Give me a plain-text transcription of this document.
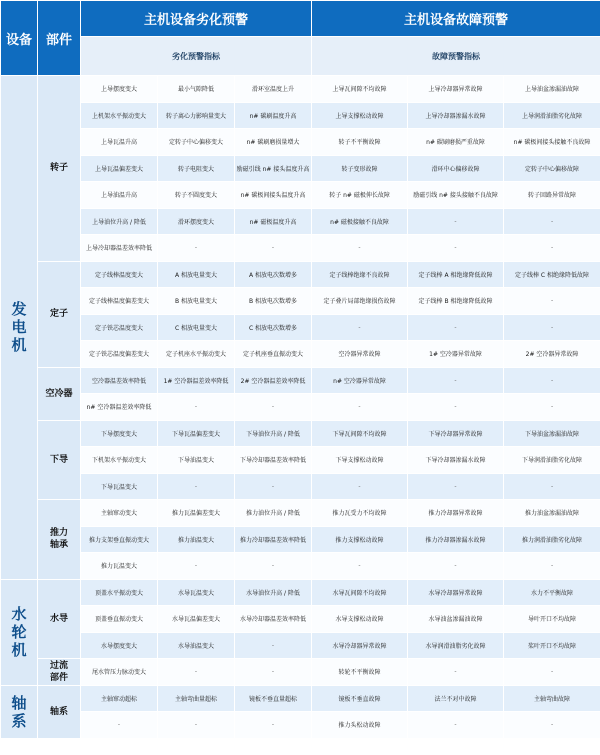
设备	部件	主机设备劣化预警			主机设备故障预警		
		劣化预警指标			故障预警指标		
发
电
机	转子	上导摆度变大	最小气隙降低	滑环室温度上升	上导瓦间隙不均故障	上导冷却器异常故障	上导油盆渗漏油故障
		上机架水平振动变大	转子离心力影响量变大	n# 碳刷温度升高	上导支撑松动故障	上导冷却器渗漏水故障	上导润滑油脂劣化故障
		上导瓦温升高	定转子中心偏移变大	n# 碳刷磨损量增大	转子不平衡故障	n# 碳刷磨损严重故障	n# 碳极间接头接触不良故障
		上导瓦温偏差变大	转子电阻变大	励磁引线 n# 接头温度升高	转子变形故障	滑环中心偏移故障	定转子中心偏移故障
		上导油温升高	转子不圆度变大	n# 碳极间接头温度升高	转子 n# 磁极伸长故障	励磁引线 n# 接头接触不良故障	转子回路异常故障
		上导油位升高 / 降低	滑环摆度变大	n# 磁极温度升高	n# 磁极接触不良故障	-	-
		上导冷却器温差效率降低	-	-	-	-	-
	定子	定子线棒温度变大	A 相放电量变大	A 相放电次数增多	定子线棒绝缘不良故障	定子线棒 A 相绝缘降低故障	定子线棒 C 相绝缘降低故障
		定子线棒温度偏差变大	B 相放电量变大	B 相放电次数增多	定子叠片局部绝缘损伤故障	定子线棒 B 相绝缘降低故障	-
		定子铁芯温度变大	C 相放电量变大	C 相放电次数增多	-	-	-
		定子铁芯温度偏差变大	定子机座水平振动变大	定子机座垂直振动变大	空冷器异常故障	1# 空冷器异常故障	2# 空冷器异常故障
	空冷器	空冷器温差效率降低	1# 空冷器温差效率降低	2# 空冷器温差效率降低	n# 空冷器异常故障	-	-
		n# 空冷器温差效率降低	-	-	-	-	-
	下导	下导摆度变大	下导瓦温偏差变大	下导油位升高 / 降低	下导瓦间隙不均故障	下导冷却器异常故障	下导油盆渗漏油故障
		下机架水平振动变大	下导油温变大	下导冷却器温差效率降低	下导支撑松动故障	下导冷却器渗漏水故障	下导润滑油脂劣化故障
		下导瓦温变大	-	-	-	-	-
	推力
轴承	主轴窜动变大	推力瓦温偏差变大	推力油位升高 / 降低	推力瓦受力不均故障	推力冷却器异常故障	推力油盆渗漏油故障
		推力支架垂直振动变大	推力油温变大	推力冷却器温差效率降低	推力支撑松动故障	推力冷却器渗漏水故障	推力润滑油脂劣化故障
		推力瓦温变大	-	-	-	-	-
水
轮
机	水导	顶盖水平振动变大	水导瓦温变大	水导油位升高 / 降低	水导瓦间隙不均故障	水导冷却器异常故障	水力不平衡故障
		顶盖垂直振动变大	水导瓦温偏差变大	水导冷却器温差效率降低	水导支撑松动故障	水导油盆渗漏油故障	导叶开口不均故障
		水导摆度变大	水导油温变大	-	水导冷却器异常故障	水导润滑油脂劣化故障	桨叶开口不均故障
	过流
部件	尾水管压力脉动变大	-	-	转轮不平衡故障	-	-
轴
系	轴系	主轴窜动超标	主轴弯曲量超标	镜板不垂直量超标	镜板不垂直故障	法兰不对中故障	主轴弯曲故障
		-	-	-	推力头松动故障	-	-
